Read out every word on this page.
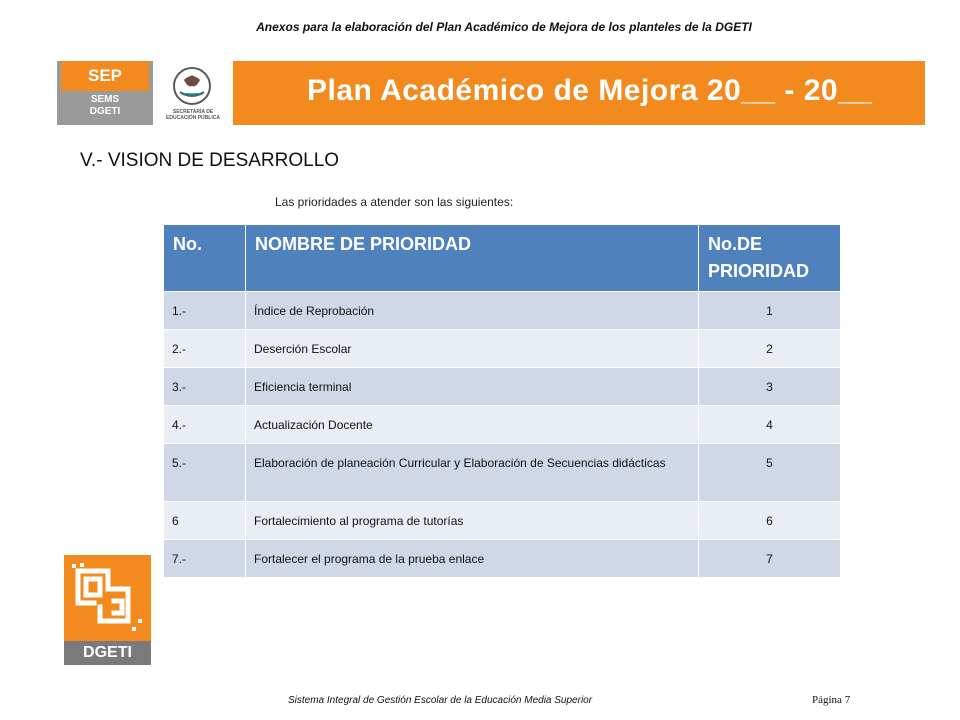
Anexos para la elaboración del Plan Académico de Mejora de los planteles de la DGETI
SEP
SEMS
DGETI	SECRETARÍA DE
EDUCACIÓN PÚBLICA
Plan Académico de Mejora 20__ - 20__
V.- VISION DE DESARROLLO
Las prioridades a atender son las siguientes:
No.	NOMBRE DE PRIORIDAD	No.DE PRIORIDAD
1.-	Índice de Reprobación	1
2.-	Deserción Escolar	2
3.-	Eficiencia terminal	3
4.-	Actualización Docente	4
5.-	Elaboración de planeación Curricular y Elaboración de Secuencias didácticas	5
6	Fortalecimiento al programa de tutorías	6
7.-	Fortalecer el programa de la prueba enlace	7
DGETI
Sistema Integral de Gestión Escolar de la Educación Media Superior	Página 7
